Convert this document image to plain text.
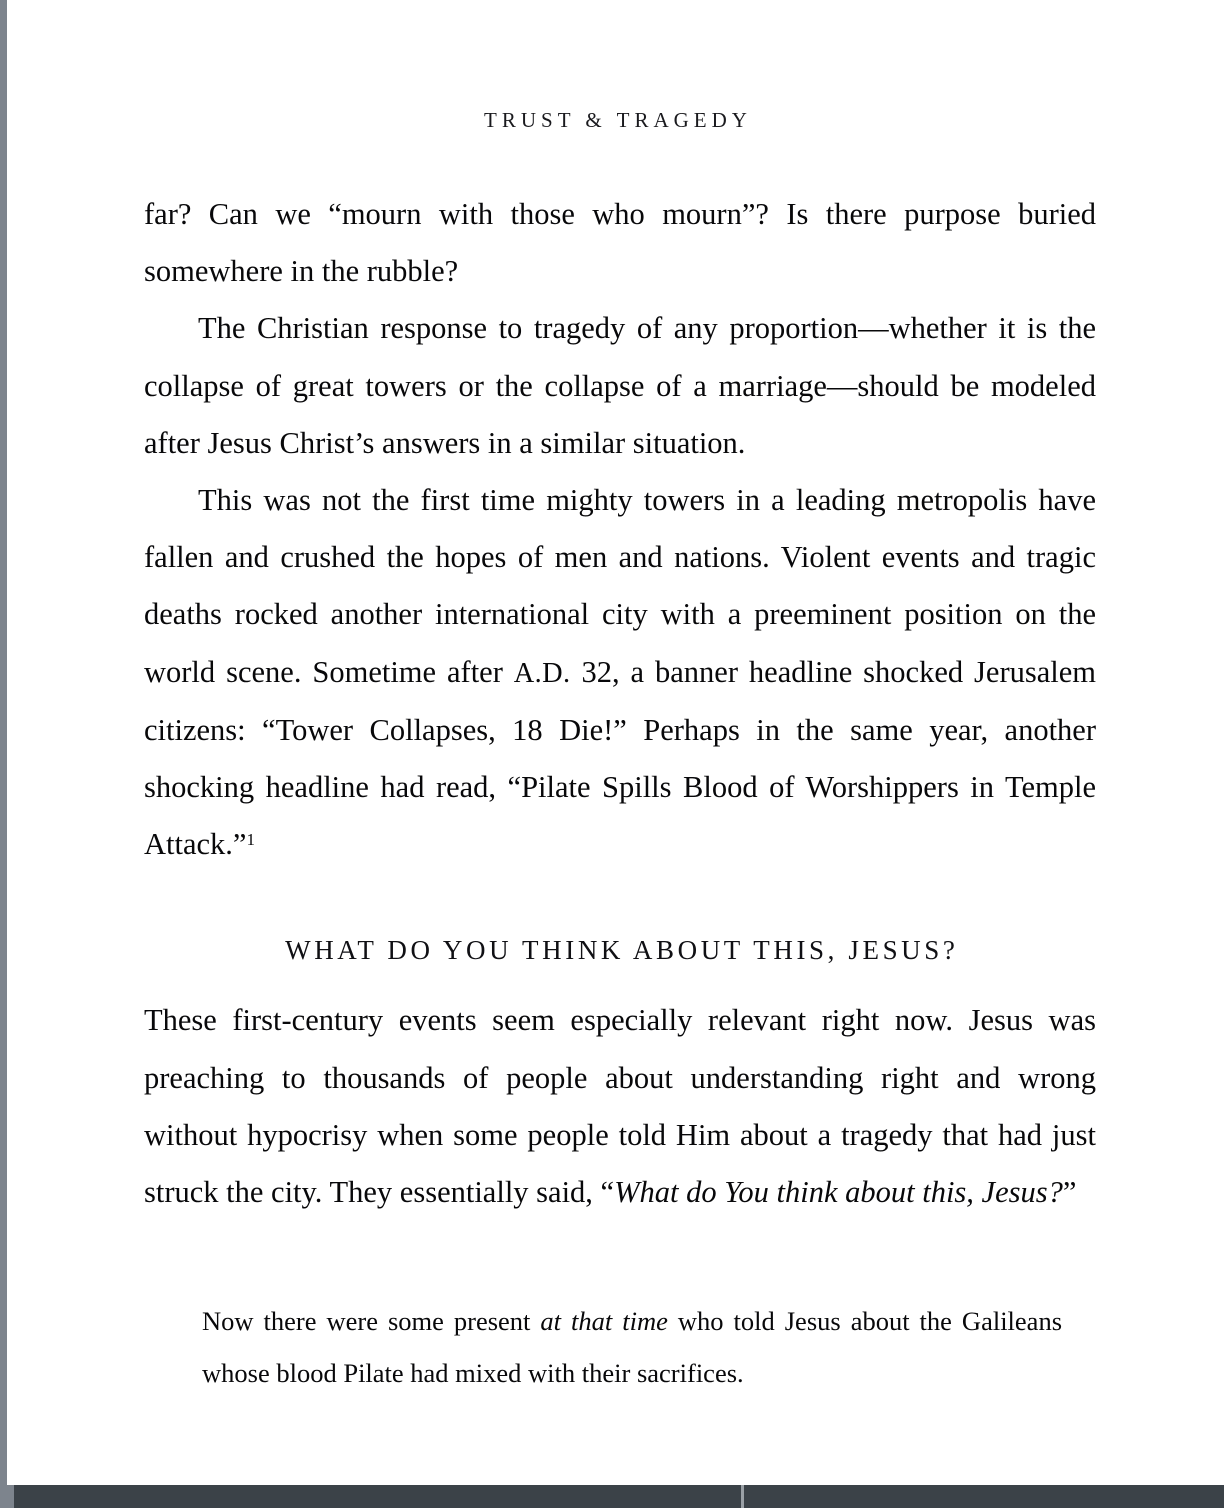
TRUST & TRAGEDY

far? Can we “mourn with those who mourn”? Is there purpose buried somewhere in the rubble?

The Christian response to tragedy of any proportion—whether it is the collapse of great towers or the collapse of a marriage—should be modeled after Jesus Christ’s answers in a similar situation.

This was not the first time mighty towers in a leading metropolis have fallen and crushed the hopes of men and nations. Violent events and tragic deaths rocked another international city with a preeminent position on the world scene. Sometime after A.D. 32, a banner headline shocked Jerusalem citizens: “Tower Collapses, 18 Die!” Perhaps in the same year, another shocking headline had read, “Pilate Spills Blood of Worshippers in Temple Attack.”$^1$

WHAT DO YOU THINK ABOUT THIS, JESUS?

These first-century events seem especially relevant right now. Jesus was preaching to thousands of people about understanding right and wrong without hypocrisy when some people told Him about a tragedy that had just struck the city. They essentially said, “What do You think about this, Jesus?”

Now there were some present at that time who told Jesus about the Galileans whose blood Pilate had mixed with their sacrifices.
